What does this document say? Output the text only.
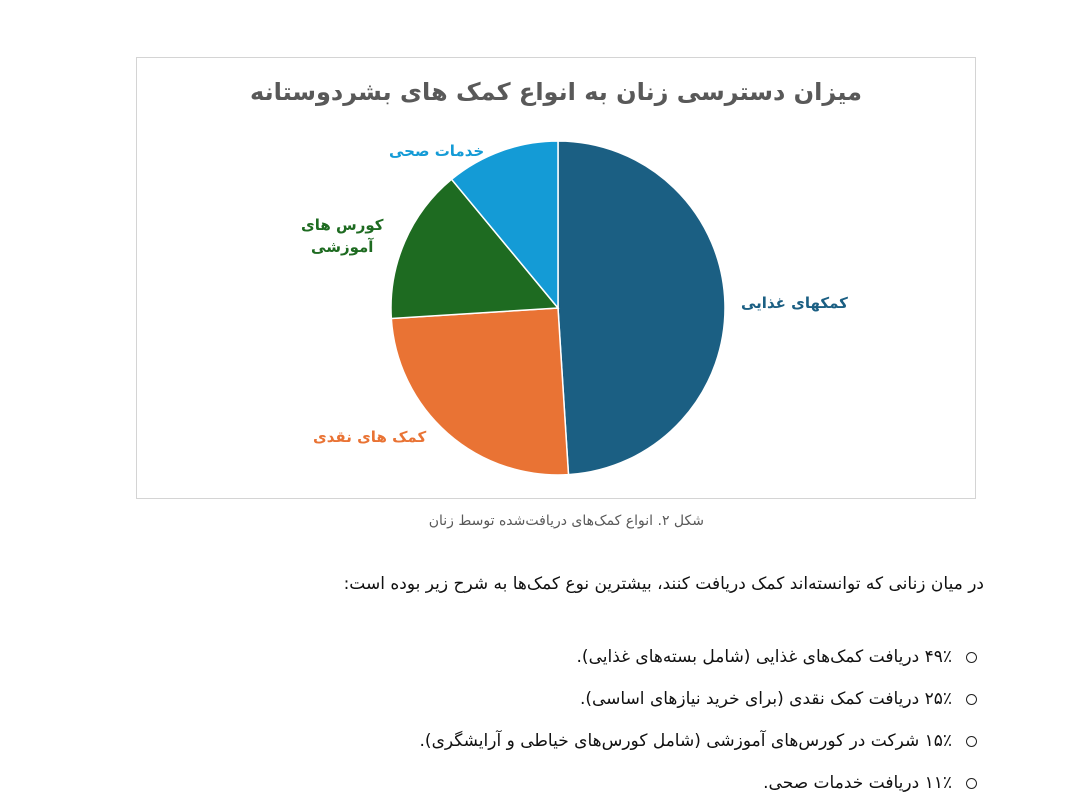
میزان دسترسی زنان به انواع کمک های بشردوستانه
کمکهای غذایی
کمک های نقدی
کورس های
آموزشی
خدمات صحی
شکل ۲. انواع کمک‌های دریافت‌شده توسط زنان
در میان زنانی که توانسته‌اند کمک دریافت کنند، بیشترین نوع کمک‌ها به شرح زیر بوده است:
۴۹٪ دریافت کمک‌های غذایی (شامل بسته‌های غذایی).
۲۵٪ دریافت کمک نقدی (برای خرید نیازهای اساسی).
۱۵٪ شرکت در کورس‌های آموزشی (شامل کورس‌های خیاطی و آرایشگری).
۱۱٪ دریافت خدمات صحی.
